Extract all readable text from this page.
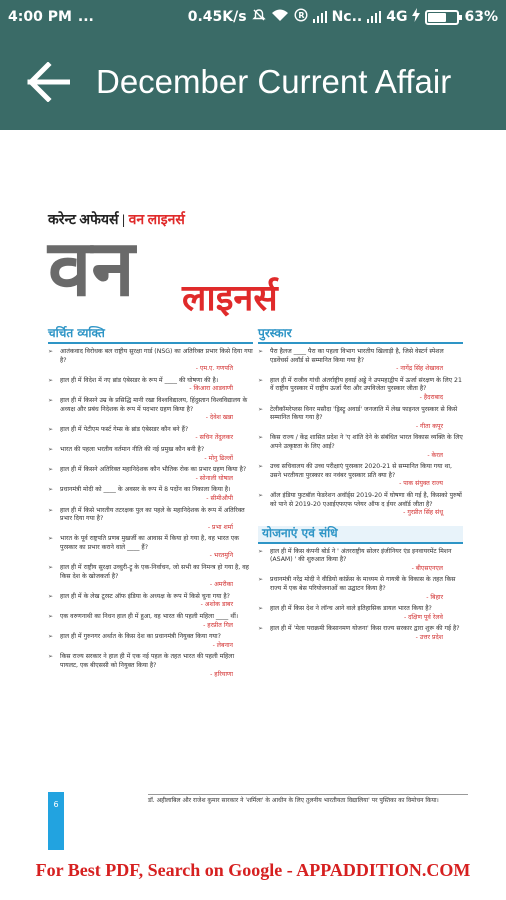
4:00 PM ...	0.45K/s	R Nc.. 4G	63%
December Current Affair
करेन्ट अफेयर्स | वन लाइनर्स
वन लाइनर्स
चर्चित व्यक्ति
➢ आतंकवाद विरोधक बल राष्ट्रीय सुरक्षा गार्ड (NSG) का अतिरिक्त प्रभार किसे दिया गया है?
- एम.ए. गणपति
➢ हाल ही में विदेश में नए ब्रांड एंबेसडर के रूप में ____ की घोषणा की है।
- किआरा आडवाणी
➢ हाल ही में किसने उम्र के प्रसिद्धि मानी रखा विश्वविद्यालय, हिंदुस्तान विश्वविद्यालय के अध्यक्ष और प्रबंध निदेशक के रूप में पदभार ग्रहण किया है?
- देवेश खन्ना
➢ हाल ही में पेटीएम फर्स्ट गेम्स के ब्रांड एंबेसडर कौन बने हैं?
- सचिन तेंदुलकर
➢ भारत की पहला भरतीय वर्तमान नीति की नई प्रमुख कौन बनी है?
- मोनु ढिल्लों
➢ हाल ही में किसने अतिरिक्त महानिदेशक कौन भौतिक रोक का प्रभार ग्रहण किया है?
- सोनाली घोषाल
➢ प्रधानमंत्री मोदी को ____ के अवसर के रूप में 8 पदोंन का निकाला किया है।
- सीमीऔपी
➢ हाल ही में किसे भारतीय तटरक्षक पुल का पहले के महानिदेशक के रूप में अतिरिक्त प्रभार दिया गया है?
- प्रभा शर्मा
➢ भारत के पूर्व राष्ट्रपति प्रणब मुखर्जी का आवास में किया हो गया है, वह भारत एक पुरस्कार का प्रभार कराने वाले ____ हैं?
- भरतमुनि
➢ हाल ही में राष्ट्रीय सुरक्षा उच्चुरी-ट्रू के एक-निर्वाचन, जो सभी का निमन्त्र हो गया है, वह किस देश के खोजकर्ता है?
- अमरीका
➢ हाल ही में के लेख टूरस्ट ऑफ इंडिया के अध्यक्ष के रूप में किसे चुना गया है?
- अशोक डाबर
➢ एक वरुणनाथी का निधन हाल ही में हुआ, वह भारत की पहली महिला ____ थीं।
- हरप्रीत गिल
➢ हाल ही में गुरुनगर अर्थात के किस देश का प्रधानमंत्री नियुक्त किया गया?
- लेबनान
➢ किस राज्य सरकार ने हाल ही में एक नई पहल के तहत भारत की पहली महिला पायलट, एक बीएससी को नियुक्त किया है?
- हरियाणा
पुरस्कार
➢ पैरा हैलज ____ पैरा का पहला विभाग भारतीय खिलाड़ी है, जिसे वेस्टर्न स्पेशल एडवेंचर्स अवॉर्ड से सम्मानित किया गया है?
- नागेंद्र सिंह शेखावत
➢ हाल ही में राजीव गांधी अंतर्राष्ट्रीय हवाई अड्डे ने उपमहाद्वीप में ऊर्जा संरक्षण के लिए 21 वें राष्ट्रीय पुरस्कार में राष्ट्रीय ऊर्जा पैरा और उपविजेता पुरस्कार जीता है?
- हैदराबाद
➢ टेलीकॉमरेप्लस विनर मसौदा 'ड्रिस्ट्रू अवार्ड' जनजाति में लेख फाइनल पुरस्कार से किसे सम्मानित किया गया है?
- गीता कपूर
➢ किस राज्य / केंद्र शासित प्रदेश ने 'ए शांति देने के संबंधित भारत विकास व्यक्ति के लिए अपने उत्कृष्टता के लिए आई?
- केरल
➢ उच्च सचिवालय की उच्च परीक्षाएं पुरस्कार 2020-21 से सम्मानित किया गया था, उसने भरतीयता पुरस्कार का नवंबर पुरस्कार प्रति क्या है?
- पाक संयुक्त राज्य
➢ ऑल इंडिया फुटबॉल फेडरेशन अवॉर्ड्स 2019-20 में घोषणा की गई है, किसको पुरुषों को पाने से 2019-20 एआईएफएफ प्लेयर ऑफ द ईयर अवॉर्ड जीता है?
- गुरप्रीत सिंह संधू
योजनाएं एवं संधि
➢ हाल ही में किस कंपनी बोर्ड ने ' अंतरराष्ट्रीय सोलर इंजीनियर एंड इनवायरमेंट मिशन (ASAM) ' की शुरुआत किया है?
- बीएसएनएल
➢ प्रधानमंत्री नरेंद्र मोदी ने वीडियो कांफ्रेंस के माध्यम से गायत्री के विकास के तहत किस राज्य में एक बेस परियोजनाओं का उद्घाटन किया है?
- बिहार
➢ हाल ही में किस देश ने लॉन्च आने वाले इतिहासिक डायल भारत किया है?
- दक्षिण पूर्व रेलवे
➢ हाल ही में 'मेला पराक्रमी किसानमण योजना' किस राज्य सरकार द्वारा शुरू की गई है?
- उत्तर प्रदेश
6	डॉ. अहीलाबिल और राजेश कुमार सारकार ने 'शर्मिला' के आधीन के लिए तुलनीय भारतीयता विद्यालिया' पर पुस्तिका का विमोचन किया।
For Best PDF, Search on Google - APPADDITION.COM
